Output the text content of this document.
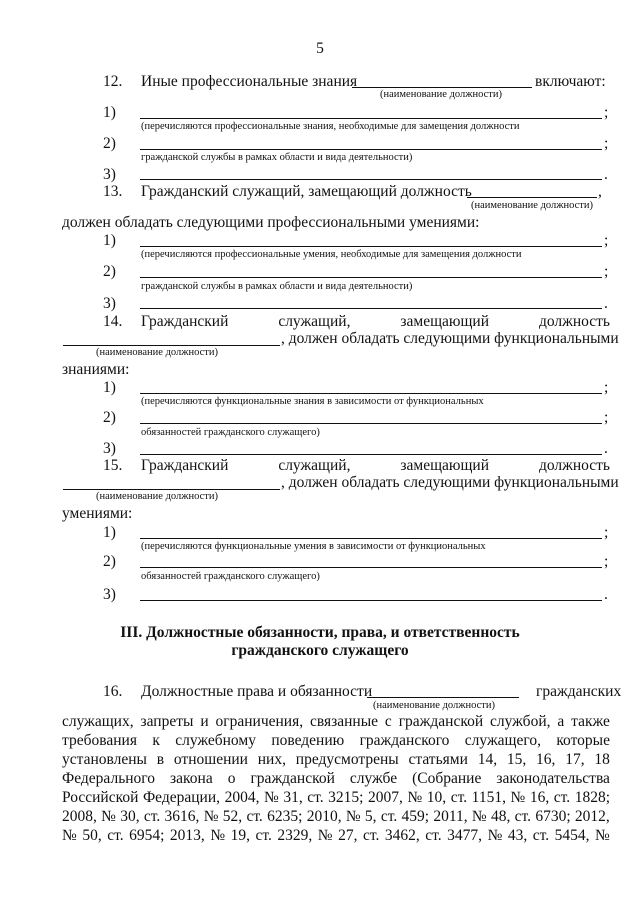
5
12. Иные профессиональные знания	включают:
(наименование должности)
1)	;
(перечисляются профессиональные знания, необходимые для замещения должности
2)	;
гражданской службы в рамках области и вида деятельности)
3)	.
13. Гражданский служащий, замещающий должность	,
(наименование должности)
должен обладать следующими профессиональными умениями:
1)	;
(перечисляются профессиональные умения, необходимые для замещения должности
2)	;
гражданской службы в рамках области и вида деятельности)
3)	.
14. Гражданский	служащий,	замещающий	должность
, должен обладать следующими функциональными
(наименование должности)
знаниями:
1)	;
(перечисляются функциональные знания в зависимости от функциональных
2)	;
обязанностей гражданского служащего)
3)	.
15. Гражданский	служащий,	замещающий	должность
, должен обладать следующими функциональными
(наименование должности)
умениями:
1)	;
(перечисляются функциональные умения в зависимости от функциональных
2)	;
обязанностей гражданского служащего)
3)	.
III. Должностные обязанности, права, и ответственность
гражданского служащего
16. Должностные права и обязанности	гражданских
(наименование должности)
служащих, запреты и ограничения, связанные с гражданской службой, а также
требования к служебному поведению гражданского служащего, которые
установлены в отношении них, предусмотрены статьями 14, 15, 16, 17, 18
Федерального закона о гражданской службе (Собрание законодательства
Российской Федерации, 2004, № 31, ст. 3215; 2007, № 10, ст. 1151, № 16, ст. 1828;
2008, № 30, ст. 3616, № 52, ст. 6235; 2010, № 5, ст. 459; 2011, № 48, ст. 6730; 2012,
№ 50, ст. 6954; 2013, № 19, ст. 2329, № 27, ст. 3462, ст. 3477, № 43, ст. 5454, №
